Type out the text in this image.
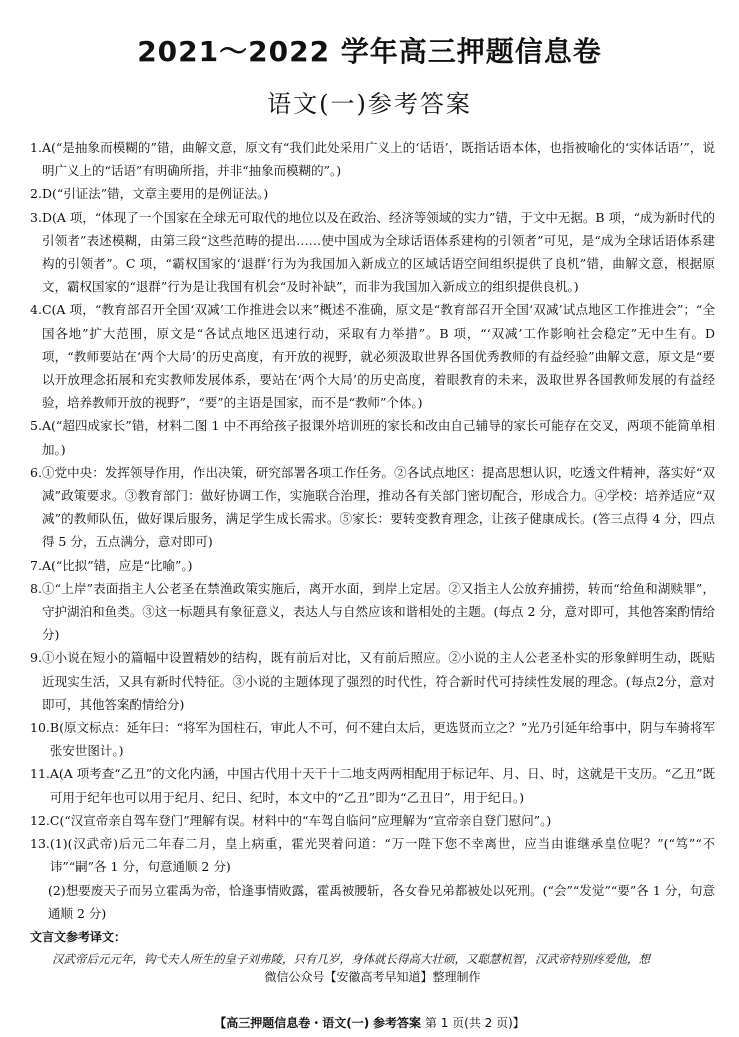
2021～2022 学年高三押题信息卷
语文(一)参考答案
1. A(“是抽象而模糊的”错，曲解文意，原文有“我们此处采用广义上的‘话语’，既指话语本体，也指被喻化的‘实体话语’”，说明广义上的“话语”有明确所指，并非“抽象而模糊的”。)
2. D(“引证法”错，文章主要用的是例证法。)
3. D(A 项，“体现了一个国家在全球无可取代的地位以及在政治、经济等领域的实力”错，于文中无据。B 项，“成为新时代的引领者”表述模糊，由第三段“这些范畴的提出……使中国成为全球话语体系建构的引领者”可见，是“成为全球话语体系建构的引领者”。C 项，“霸权国家的‘退群’行为为我国加入新成立的区域话语空间组织提供了良机”错，曲解文意，根据原文，霸权国家的“退群”行为是让我国有机会“及时补缺”，而非为我国加入新成立的组织提供良机。)
4. C(A 项，“教育部召开全国‘双减’工作推进会以来”概述不准确，原文是“教育部召开全国‘双减’试点地区工作推进会”；“全国各地”扩大范围，原文是“各试点地区迅速行动，采取有力举措”。B 项，“‘双减’工作影响社会稳定”无中生有。D 项，“教师要站在‘两个大局’的历史高度，有开放的视野，就必须汲取世界各国优秀教师的有益经验”曲解文意，原文是“要以开放理念拓展和充实教师发展体系，要站在‘两个大局’的历史高度，着眼教育的未来，汲取世界各国教师发展的有益经验，培养教师开放的视野”，“要”的主语是国家，而不是“教师”个体。)
5. A(“超四成家长”错，材料二图 1 中不再给孩子报课外培训班的家长和改由自己辅导的家长可能存在交叉，两项不能简单相加。)
6. ①党中央：发挥领导作用，作出决策，研究部署各项工作任务。②各试点地区：提高思想认识，吃透文件精神，落实好“双减”政策要求。③教育部门：做好协调工作，实施联合治理，推动各有关部门密切配合，形成合力。④学校：培养适应“双减”的教师队伍，做好课后服务，满足学生成长需求。⑤家长：要转变教育理念，让孩子健康成长。(答三点得 4 分，四点得 5 分，五点满分，意对即可)
7. A(“比拟”错，应是“比喻”。)
8. ①“上岸”表面指主人公老圣在禁渔政策实施后，离开水面，到岸上定居。②又指主人公放弃捕捞，转而“给鱼和湖赎罪”，守护湖泊和鱼类。③这一标题具有象征意义，表达人与自然应该和谐相处的主题。(每点 2 分，意对即可，其他答案酌情给分)
9. ①小说在短小的篇幅中设置精妙的结构，既有前后对比，又有前后照应。②小说的主人公老圣朴实的形象鲜明生动，既贴近现实生活，又具有新时代特征。③小说的主题体现了强烈的时代性，符合新时代可持续性发展的理念。(每点2分，意对即可，其他答案酌情给分)
10. B(原文标点：延年曰：“将军为国柱石，审此人不可，何不建白太后，更选贤而立之？”光乃引延年给事中，阴与车骑将军张安世图计。)
11. A(A 项考查“乙丑”的文化内涵，中国古代用十天干十二地支两两相配用于标记年、月、日、时，这就是干支历。“乙丑”既可用于纪年也可以用于纪月、纪日、纪时，本文中的“乙丑”即为“乙丑日”，用于纪日。)
12. C(“汉宣帝亲自驾车登门”理解有误。材料中的“车驾自临问”应理解为“宣帝亲自登门慰问”。)
13. (1)(汉武帝)后元二年春二月，皇上病重，霍光哭着问道：“万一陛下您不幸离世，应当由谁继承皇位呢？”(“笃”“不讳”“嗣”各 1 分，句意通顺 2 分)
(2)想要废天子而另立霍禹为帝，恰逢事情败露，霍禹被腰斩，各女眷兄弟都被处以死刑。(“会”“发觉”“要”各 1 分，句意通顺 2 分)
文言文参考译文：
汉武帝后元元年，钩弋夫人所生的皇子刘弗陵，只有几岁，身体就长得高大壮硕，又聪慧机智，汉武帝特别疼爱他，想
微信公众号【安徽高考早知道】整理制作
【高三押题信息卷・语文(一) 参考答案 第 1 页(共 2 页)】
